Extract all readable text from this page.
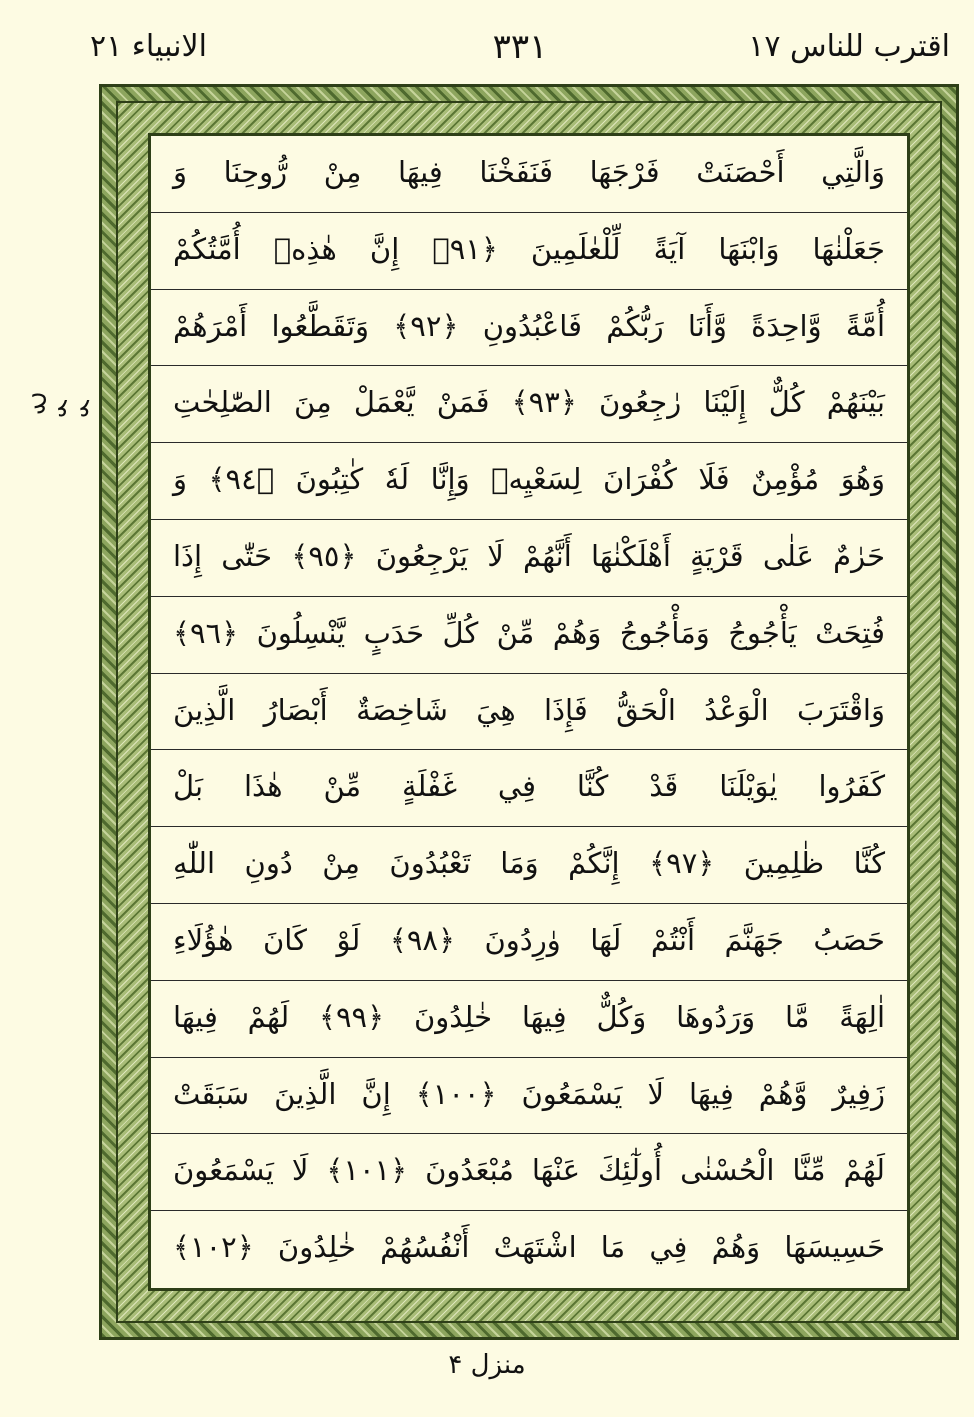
اقترب للناس ١٧
٣٣١
الانبياء ٢١
ع ۶ ۶
وَالَّتِي أَحْصَنَتْ فَرْجَهَا فَنَفَخْنَا فِيهَا مِنْ رُّوحِنَا وَ
جَعَلْنٰهَا وَابْنَهَا آيَةً لِّلْعٰلَمِينَ ﴿٩١﴾ إِنَّ هٰذِهٖ أُمَّتُكُمْ
أُمَّةً وَّاحِدَةً وَّأَنَا رَبُّكُمْ فَاعْبُدُونِ ﴿٩٢﴾ وَتَقَطَّعُوا أَمْرَهُمْ
بَيْنَهُمْ كُلٌّ إِلَيْنَا رٰجِعُونَ ﴿٩٣﴾ فَمَنْ يَّعْمَلْ مِنَ الصّٰلِحٰتِ
وَهُوَ مُؤْمِنٌ فَلَا كُفْرَانَ لِسَعْيِهٖ وَإِنَّا لَهٗ كٰتِبُونَ ﴿٩٤﴾ وَ
حَرٰمٌ عَلٰى قَرْيَةٍ أَهْلَكْنٰهَا أَنَّهُمْ لَا يَرْجِعُونَ ﴿٩٥﴾ حَتّٰى إِذَا
فُتِحَتْ يَأْجُوجُ وَمَأْجُوجُ وَهُمْ مِّنْ كُلِّ حَدَبٍ يَّنْسِلُونَ ﴿٩٦﴾
وَاقْتَرَبَ الْوَعْدُ الْحَقُّ فَإِذَا هِيَ شَاخِصَةٌ أَبْصَارُ الَّذِينَ
كَفَرُوا يٰوَيْلَنَا قَدْ كُنَّا فِي غَفْلَةٍ مِّنْ هٰذَا بَلْ
كُنَّا ظٰلِمِينَ ﴿٩٧﴾ إِنَّكُمْ وَمَا تَعْبُدُونَ مِنْ دُونِ اللّٰهِ
حَصَبُ جَهَنَّمَ أَنْتُمْ لَهَا وٰرِدُونَ ﴿٩٨﴾ لَوْ كَانَ هٰؤُلَاءِ
اٰلِهَةً مَّا وَرَدُوهَا وَكُلٌّ فِيهَا خٰلِدُونَ ﴿٩٩﴾ لَهُمْ فِيهَا
زَفِيرٌ وَّهُمْ فِيهَا لَا يَسْمَعُونَ ﴿١٠٠﴾ إِنَّ الَّذِينَ سَبَقَتْ
لَهُمْ مِّنَّا الْحُسْنٰى أُولٰٓئِكَ عَنْهَا مُبْعَدُونَ ﴿١٠١﴾ لَا يَسْمَعُونَ
حَسِيسَهَا وَهُمْ فِي مَا اشْتَهَتْ أَنْفُسُهُمْ خٰلِدُونَ ﴿١٠٢﴾
منزل ۴
